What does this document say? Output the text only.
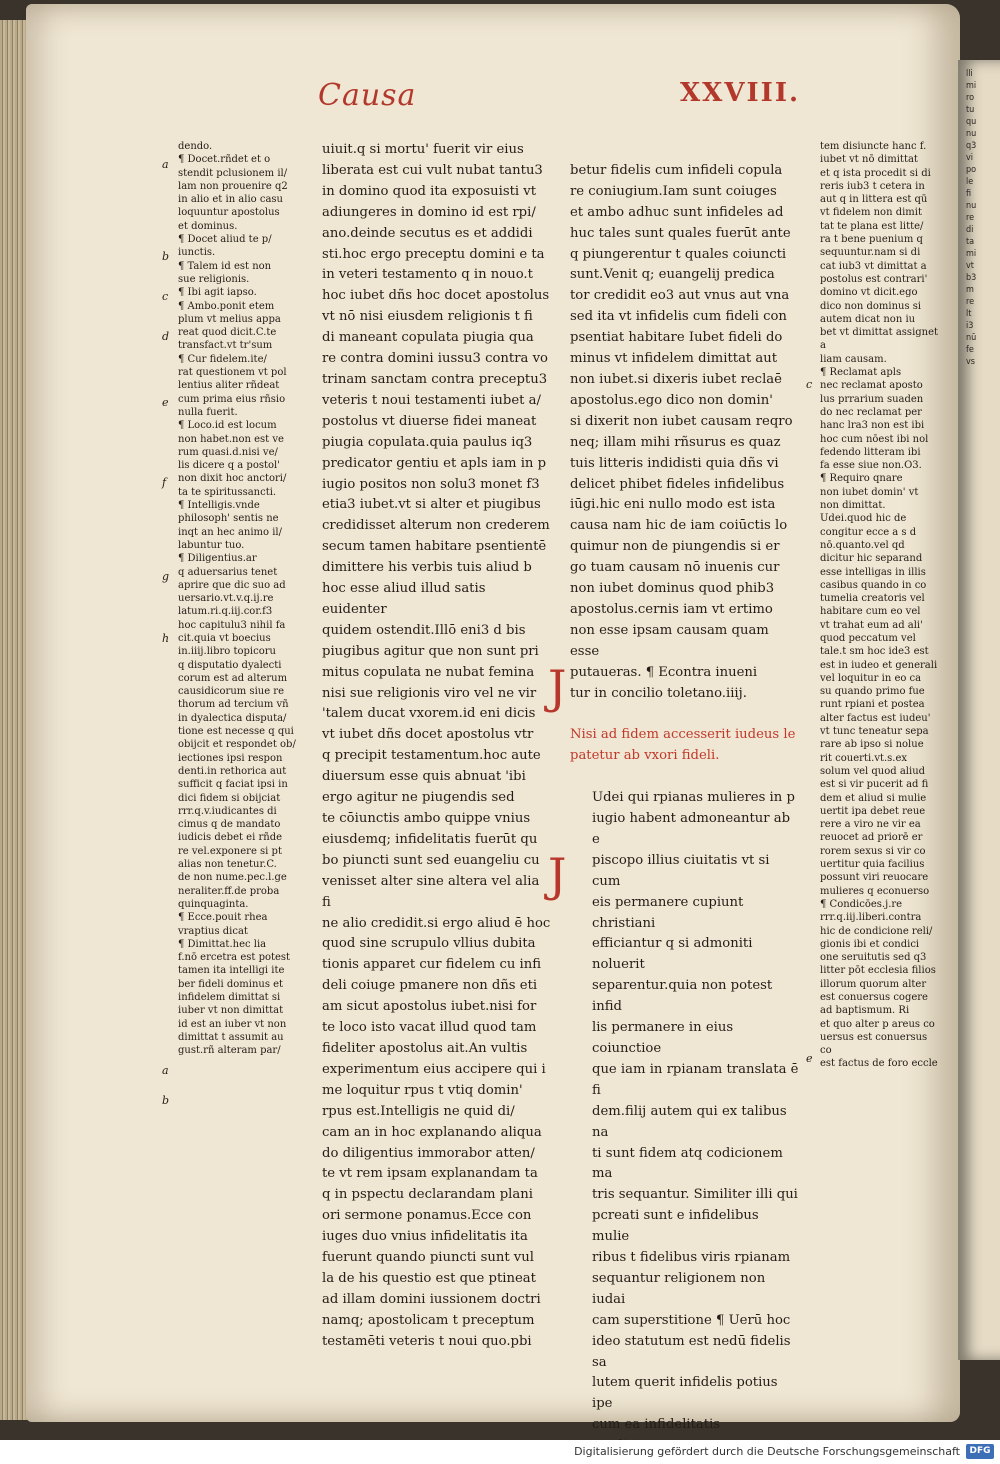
lli
mi
ro
tu
qu
nu
q3
vi
po
le
fi
nu
re
di
ta
mi
vt
b3
m
re
lt
i3
nū
fe
vs
Causa	XXVIII.
dendo.
¶ Docet.rñdet et o
stendit pclusionem il/
lam non prouenire q2
in alio et in alio casu
loquuntur apostolus
et dominus.
¶ Docet aliud te p/
iunctis.
¶ Talem id est non
sue religionis.
¶ Ibi agit iapso.
¶ Ambo.ponit etem
plum vt melius appa
reat quod dicit.C.te
transfact.vt tr'sum
¶ Cur fidelem.ite/
rat questionem vt pol
lentius aliter rñdeat
cum prima eius rñsio
nulla fuerit.
¶ Loco.id est locum
non habet.non est ve
rum quasi.d.nisi ve/
lis dicere q a postol'
non dixit hoc anctori/
ta te spiritussancti.
¶ Intelligis.vnde
philosoph' sentis ne
inqt an hec animo il/
labuntur tuo.
¶ Diligentius.ar
q aduersarius tenet
aprire que dic suo ad
uersario.vt.v.q.ij.re
latum.ri.q.iij.cor.f3
hoc capitulu3 nihil fa
cit.quia vt boecius
in.iiij.libro topicoru
q disputatio dyalecti
corum est ad alterum
causidicorum siue re
thorum ad tercium vñ
in dyalectica disputa/
tione est necesse q qui
obijcit et respondet ob/
iectiones ipsi respon
denti.in rethorica aut
sufficit q faciat ipsi in
dici fidem si obijciat
rrr.q.v.iudicantes di
cimus q de mandato
iudicis debet ei rñde
re vel.exponere si pt
alias non tenetur.C.
de non nume.pec.l.ge
neraliter.ff.de proba
quinquaginta.
¶ Ecce.pouit rhea
vraptius dicat
¶ Dimittat.hec lia
f.nō ercetra est potest
tamen ita intelligi ite
ber fideli dominus et
infidelem dimittat si
iuber vt non dimittat
id est an iuber vt non
dimittat t assumit au
gust.rñ alteram par/
uiuit.q si mortu' fuerit vir eius
liberata est cui vult nubat tantu3
in domino quod ita exposuisti vt
adiungeres in domino id est rpi/
ano.deinde secutus es et addidi
sti.hoc ergo preceptu domini e ta
in veteri testamento q in nouo.t
hoc iubet dñs hoc docet apostolus
vt nō nisi eiusdem religionis t fi
di maneant copulata piugia qua
re contra domini iussu3 contra vo
trinam sanctam contra preceptu3
veteris t noui testamenti iubet a/
postolus vt diuerse fidei maneat
piugia copulata.quia paulus iq3
predicator gentiu et apls iam in p
iugio positos non solu3 monet f3
etia3 iubet.vt si alter et piugibus
credidisset alterum non crederem
secum tamen habitare psentientē
dimittere his verbis tuis aliud b
hoc esse aliud illud satis euidenter
quidem ostendit.Illō eni3 d bis
piugibus agitur que non sunt pri
mitus copulata ne nubat femina
nisi sue religionis viro vel ne vir
'talem ducat vxorem.id eni dicis
vt iubet dñs docet apostolus vtr
q precipit testamentum.hoc aute
diuersum esse quis abnuat 'ibi
ergo agitur ne piugendis sed
te cōiunctis ambo quippe vnius
eiusdemq; infidelitatis fuerūt qu
bo piuncti sunt sed euangeliu cu
venisset alter sine altera vel alia fi
ne alio credidit.si ergo aliud ē hoc
quod sine scrupulo vllius dubita
tionis apparet cur fidelem cu infi
deli coiuge pmanere non dñs eti
am sicut apostolus iubet.nisi for
te loco isto vacat illud quod tam
fideliter apostolus ait.An vultis
experimentum eius accipere qui i
me loquitur rpus t vtiq domin'
rpus est.Intelligis ne quid di/
cam an in hoc explanando aliqua
do diligentius immorabor atten/
te vt rem ipsam explanandam ta
q in pspectu declarandam plani
ori sermone ponamus.Ecce con
iuges duo vnius infidelitatis ita
fuerunt quando piuncti sunt vul
la de his questio est que ptineat
ad illam domini iussionem doctri
namq; apostolicam t preceptum
testamēti veteris t noui quo.pbi

betur fidelis cum infideli copula
re coniugium.Iam sunt coiuges
et ambo adhuc sunt infideles ad
huc tales sunt quales fuerūt ante
q piungerentur t quales coiuncti
sunt.Venit q; euangelij predica
tor credidit eo3 aut vnus aut vna
sed ita vt infidelis cum fideli con
psentiat habitare Iubet fideli do
minus vt infidelem dimittat aut
non iubet.si dixeris iubet reclaē
apostolus.ego dico non domin'
si dixerit non iubet causam reqro
neq; illam mihi rñsurus es quaz
tuis litteris indidisti quia dñs vi
delicet phibet fideles infidelibus
iūgi.hic eni nullo modo est ista
causa nam hic de iam coiūctis lo
quimur non de piungendis si er
go tuam causam nō inuenis cur
non iubet dominus quod phib3
apostolus.cernis iam vt ertimo
non esse ipsam causam quam esse
putaueras. ¶ Econtra inueni
tur in concilio toletano.iiij.

Nisi ad fidem accesserit iudeus le
patetur ab vxori fideli.

Udei qui rpianas mulieres in p
iugio habent admoneantur ab e
piscopo illius ciuitatis vt si cum
eis permanere cupiunt christiani
efficiantur q si admoniti noluerit
separentur.quia non potest infid
lis permanere in eius coiunctioe
que iam in rpianam translata ē fi
dem.filij autem qui ex talibus na
ti sunt fidem atq codicionem ma
tris sequantur. Similiter illi qui
pcreati sunt e infidelibus mulie
ribus t fidelibus viris rpianam
sequantur religionem non iudai
cam superstitione ¶ Uerū hoc
ideo statutum est nedū fidelis sa
lutem querit infidelis potius ipe
cum ea infidelitatis

J
J
tem disiuncte hanc f.
iubet vt nō dimittat
et q ista procedit si di
reris iub3 t cetera in
aut q in littera est qū
vt fidelem non dimit
tat te plana est litte/
ra t bene puenium q
sequuntur.nam si di
cat iub3 vt dimittat a
postolus est contrari'
domino vt dicit.ego
dico non dominus si
autem dicat non iu
bet vt dimittat assignet a
liam causam.
¶ Reclamat apls
nec reclamat aposto
lus prrarium suaden
do nec reclamat per
hanc lra3 non est ibi
hoc cum nōest ibi nol
fedendo litteram ibi
fa esse siue non.O3.
¶ Requiro qnare
non iubet domin' vt
non dimittat.
Udei.quod hic de
congitur ecce a s d
nō.quanto.vel qd
dicitur hic separand
esse intelligas in illis
casibus quando in co
tumelia creatoris vel
habitare cum eo vel
vt trahat eum ad ali'
quod peccatum vel
tale.t sm hoc ide3 est
est in iudeo et generali
vel loquitur in eo ca
su quando primo fue
runt rpiani et postea
alter factus est iudeu'
vt tunc teneatur sepa
rare ab ipso si nolue
rit couerti.vt.s.ex
solum vel quod aliud
est si vir pucerit ad fi
dem et aliud si mulie
uertit ipa debet reue
rere a viro ne vir ea
reuocet ad priorē er
rorem sexus si vir co
uertitur quia facilius
possunt viri reuocare
mulieres q econuerso
¶ Condicōes.j.re
rrr.q.iij.liberi.contra
hic de condicione reli/
gionis ibi et condici
one seruitutis sed q3
litter pōt ecclesia filios
illorum quorum alter
est conuersus cogere
ad baptismum. Ri
et quo alter p areus co
uersus est conuersus co
est factus de foro eccle
a
b
c
d
e
f
g
h
a
b
c
e
Digitalisierung gefördert durch die Deutsche Forschungsgemeinschaft	DFG
